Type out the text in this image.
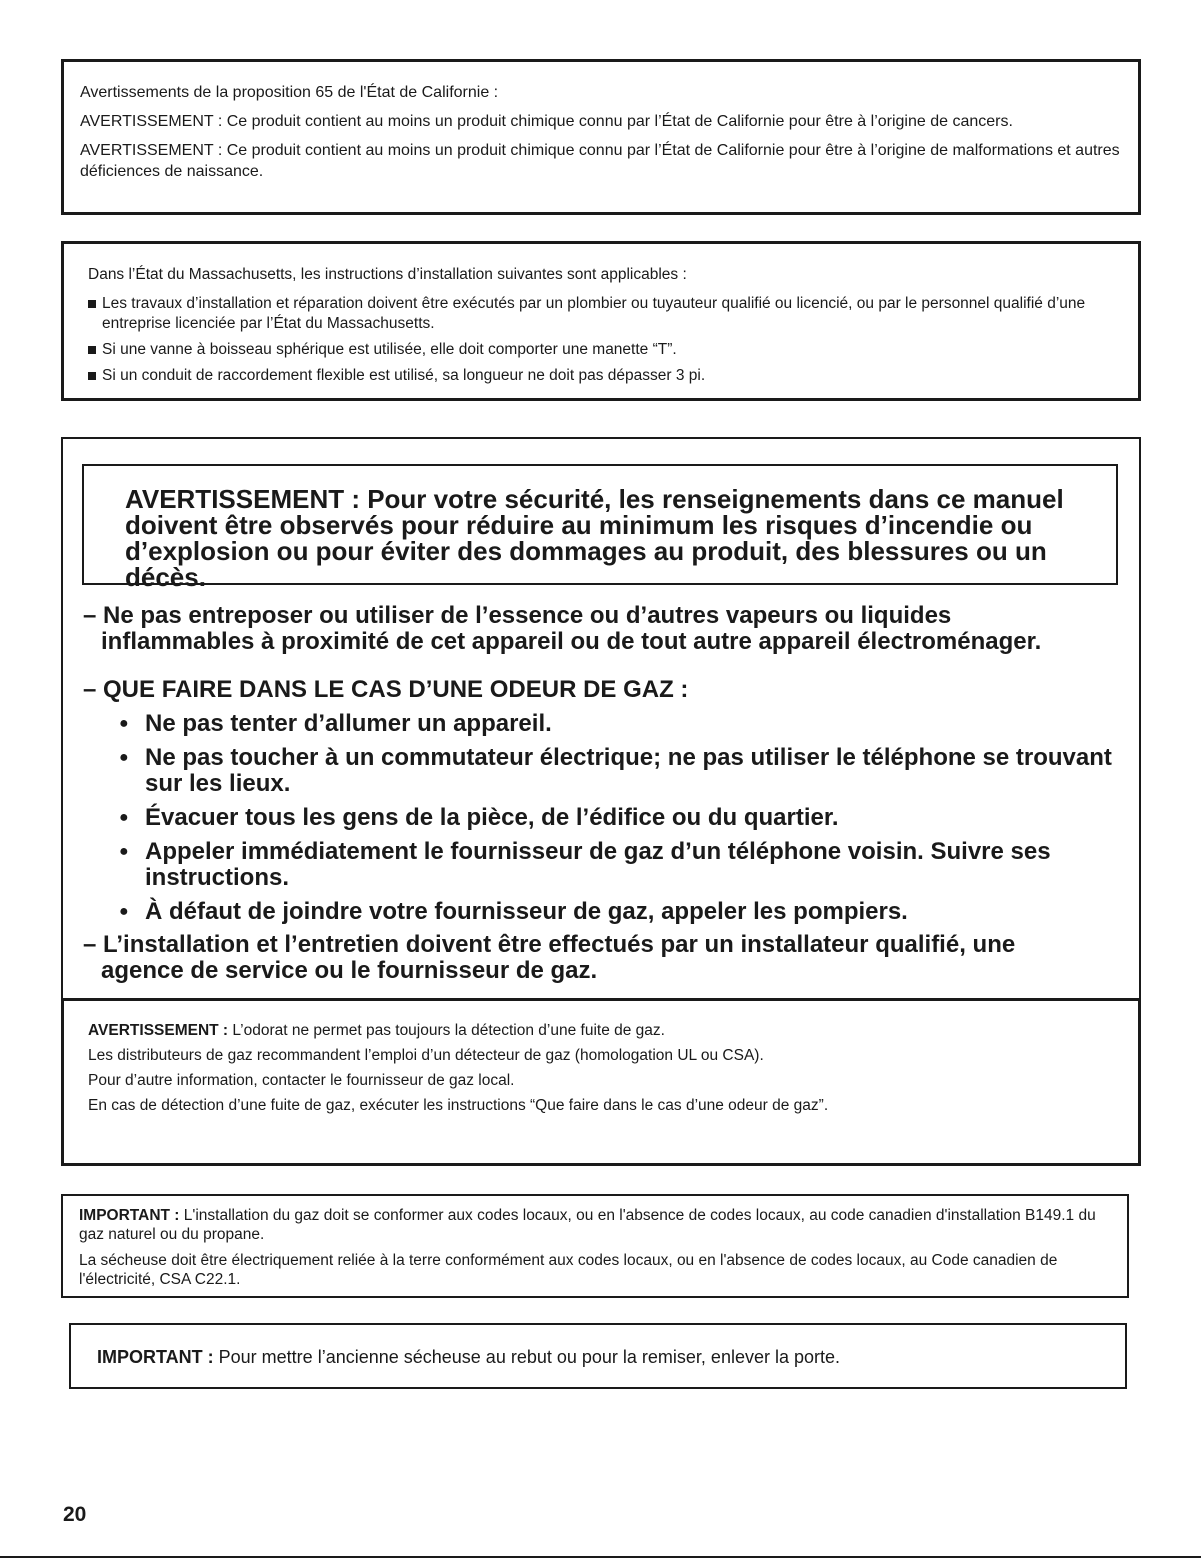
Avertissements de la proposition 65 de l'État de Californie :

AVERTISSEMENT : Ce produit contient au moins un produit chimique connu par l’État de Californie pour être à l’origine de cancers.

AVERTISSEMENT : Ce produit contient au moins un produit chimique connu par l’État de Californie pour être à l’origine de malformations et autres déficiences de naissance.

Dans l’État du Massachusetts, les instructions d’installation suivantes sont applicables :

Les travaux d’installation et réparation doivent être exécutés par un plombier ou tuyauteur qualifié ou licencié, ou par le personnel qualifié d’une entreprise licenciée par l’État du Massachusetts.
Si une vanne à boisseau sphérique est utilisée, elle doit comporter une manette “T”.
Si un conduit de raccordement flexible est utilisé, sa longueur ne doit pas dépasser 3 pi.

AVERTISSEMENT : Pour votre sécurité, les renseignements dans ce manuel doivent être observés pour réduire au minimum les risques d’incendie ou d’explosion ou pour éviter des dommages au produit, des blessures ou un décès.

– Ne pas entreposer ou utiliser de l’essence ou d’autres vapeurs ou liquides

inflammables à proximité de cet appareil ou de tout autre appareil électroménager.

– QUE FAIRE DANS LE CAS D’UNE ODEUR DE GAZ :

● Ne pas tenter d’allumer un appareil.
● Ne pas toucher à un commutateur électrique; ne pas utiliser le téléphone se trouvant sur les lieux.
● Évacuer tous les gens de la pièce, de l’édifice ou du quartier.
● Appeler immédiatement le fournisseur de gaz d’un téléphone voisin. Suivre ses instructions.
● À défaut de joindre votre fournisseur de gaz, appeler les pompiers.

– L’installation et l’entretien doivent être effectués par un installateur qualifié, une

agence de service ou le fournisseur de gaz.

AVERTISSEMENT : L’odorat ne permet pas toujours la détection d’une fuite de gaz.

Les distributeurs de gaz recommandent l’emploi d’un détecteur de gaz (homologation UL ou CSA).

Pour d’autre information, contacter le fournisseur de gaz local.

En cas de détection d’une fuite de gaz, exécuter les instructions “Que faire dans le cas d’une odeur de gaz”.

IMPORTANT : L'installation du gaz doit se conformer aux codes locaux, ou en l'absence de codes locaux, au code canadien d'installation B149.1 du gaz naturel ou du propane.

La sécheuse doit être électriquement reliée à la terre conformément aux codes locaux, ou en l'absence de codes locaux, au Code canadien de l'électricité, CSA C22.1.

IMPORTANT : Pour mettre l’ancienne sécheuse au rebut ou pour la remiser, enlever la porte.

20
